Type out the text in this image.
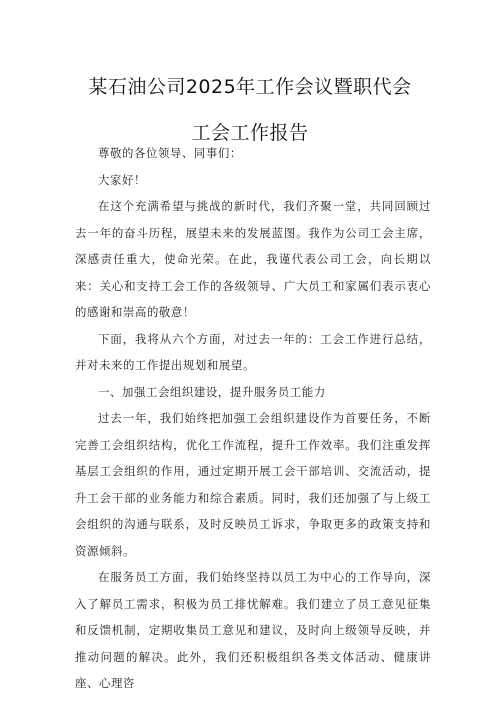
某石油公司2025年工作会议暨职代会
工会工作报告

尊敬的各位领导、同事们：

大家好！

在这个充满希望与挑战的新时代，我们齐聚一堂，共同回顾过去一年的奋斗历程，展望未来的发展蓝图。我作为公司工会主席，深感责任重大，使命光荣。在此，我谨代表公司工会，向长期以来：关心和支持工会工作的各级领导、广大员工和家属们表示衷心的感谢和崇高的敬意！

下面，我将从六个方面，对过去一年的：工会工作进行总结，并对未来的工作提出规划和展望。

一、加强工会组织建设，提升服务员工能力

过去一年，我们始终把加强工会组织建设作为首要任务，不断完善工会组织结构，优化工作流程，提升工作效率。我们注重发挥基层工会组织的作用，通过定期开展工会干部培训、交流活动，提升工会干部的业务能力和综合素质。同时，我们还加强了与上级工会组织的沟通与联系，及时反映员工诉求，争取更多的政策支持和资源倾斜。

在服务员工方面，我们始终坚持以员工为中心的工作导向，深入了解员工需求，积极为员工排忧解难。我们建立了员工意见征集和反馈机制，定期收集员工意见和建议，及时向上级领导反映，并推动问题的解决。此外，我们还积极组织各类文体活动、健康讲座、心理咨
